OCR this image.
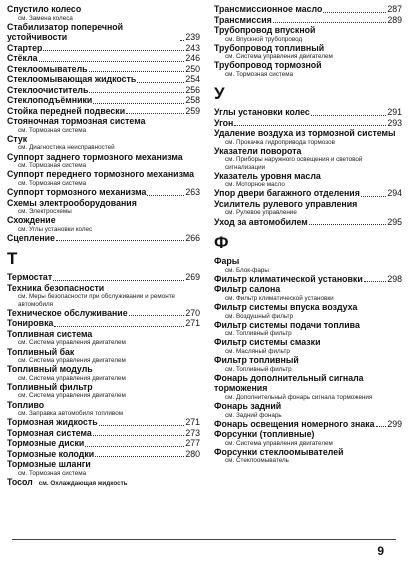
Спустило колесо
см. Замена колеса
Стабилизатор поперечной устойчивости	239
Стартер	243
Стёкла	246
Стеклоомыватель	250
Стеклоомывающая жидкость	254
Стеклоочиститель	256
Стеклоподъёмники	258
Стойка передней подвески	259
Стояночная тормозная система
см. Тормозная система
Стук
см. Диагностика неисправностей
Суппорт заднего тормозного механизма
см. Тормозная система
Суппорт переднего тормозного механизма
см. Тормозная система
Суппорт тормозного механизма	263
Схемы электрооборудования
см. Электросхемы
Схождение
см. Углы установки колес
Сцепление	266
Т
Термостат	269
Техника безопасности
см. Меры безопасности при обслуживании и ремонте автомобиля
Техническое обслуживание	270
Тонировка	271
Топливная система
см. Система управления двигателем
Топливный бак
см. Система управления двигателем
Топливный модуль
см. Система управления двигателем
Топливный фильтр
см. Система управления двигателем
Топливо
см. Заправка автомобиля топливом
Тормозная жидкость	271
Тормозная система	273
Тормозные диски	277
Тормозные колодки	280
Тормозные шланги
см. Тормозная система
Тосол см. Охлаждающая жидкость
Трансмиссионное масло	287
Трансмиссия	289
Трубопровод впускной
см. Впускной трубопровод
Трубопровод топливный
см. Система управления двигателем
Трубопровод тормозной
см. Тормозная система
У
Углы установки колес	291
Угон	293
Удаление воздуха из тормозной системы
см. Прокачка гидропривода тормозов
Указатели поворота
см. Приборы наружного освещения и световой сигнализации
Указатель уровня масла
см. Моторное масло
Упор двери багажного отделения	294
Усилитель рулевого управления
см. Рулевое управление
Уход за автомобилем	295
Ф
Фары
см. Блок-фары
Фильтр климатической установки	298
Фильтр салона
см. Фильтр климатической установки
Фильтр системы впуска воздуха
см. Воздушный фильтр
Фильтр системы подачи топлива
см. Топливный фильтр
Фильтр системы смазки
см. Масляный фильтр
Фильтр топливный
см. Топливный фильтр
Фонарь дополнительный сигнала торможения
см. Дополнительный фонарь сигнала торможения
Фонарь задний
см. Задний фонарь
Фонарь освещения номерного знака 299
Форсунки (топливные)
см. Система управления двигателем
Форсунки стеклоомывателей
см. Стеклоомыватель
9
